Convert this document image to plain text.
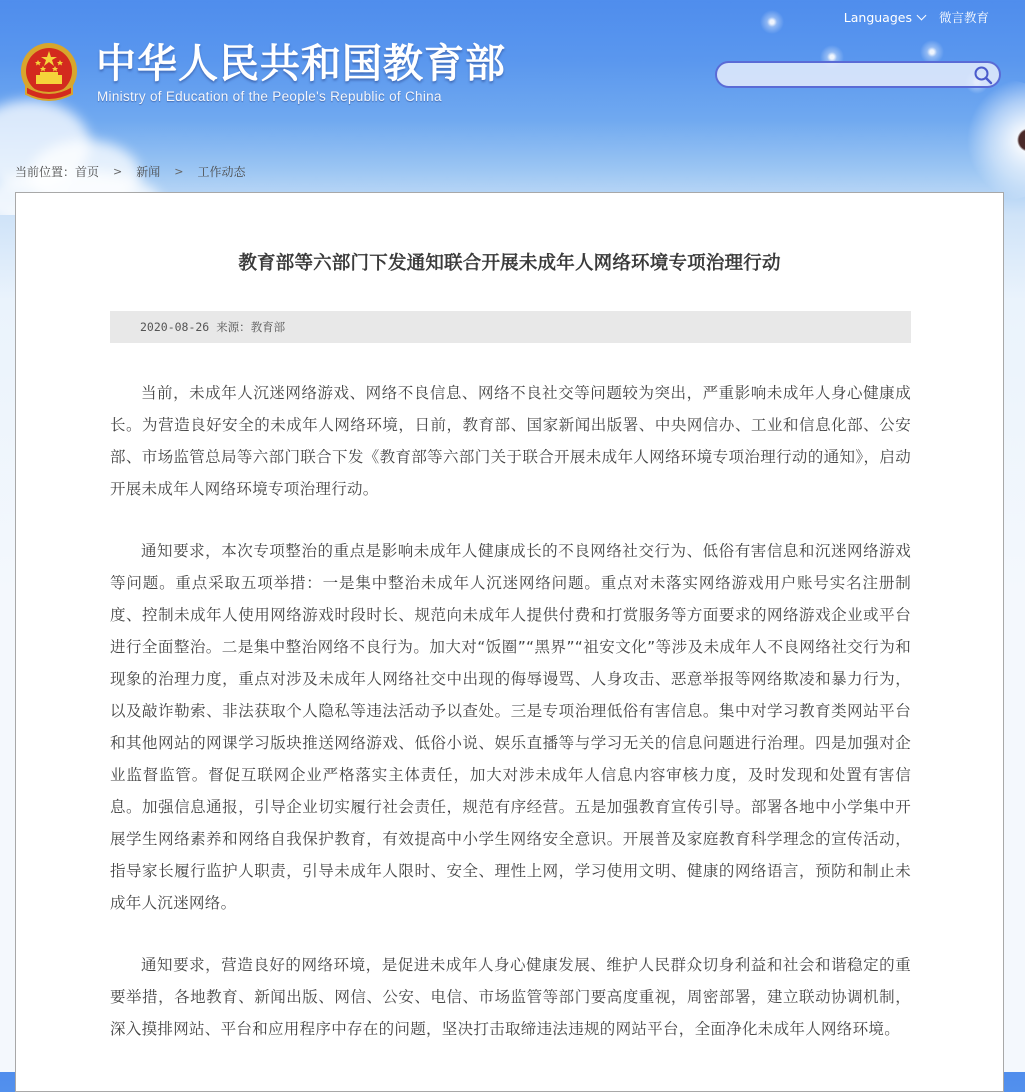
中华人民共和国教育部
Ministry of Education of the People's Republic of China
Languages 微言教育
当前位置： 首页 > 新闻 > 工作动态
教育部等六部门下发通知联合开展未成年人网络环境专项治理行动
2020-08-26 来源：教育部

当前，未成年人沉迷网络游戏、网络不良信息、网络不良社交等问题较为突出，严重影响未成年人身心健康成长。为营造良好安全的未成年人网络环境，日前，教育部、国家新闻出版署、中央网信办、工业和信息化部、公安部、市场监管总局等六部门联合下发《教育部等六部门关于联合开展未成年人网络环境专项治理行动的通知》，启动开展未成年人网络环境专项治理行动。

通知要求，本次专项整治的重点是影响未成年人健康成长的不良网络社交行为、低俗有害信息和沉迷网络游戏等问题。重点采取五项举措：一是集中整治未成年人沉迷网络问题。重点对未落实网络游戏用户账号实名注册制度、控制未成年人使用网络游戏时段时长、规范向未成年人提供付费和打赏服务等方面要求的网络游戏企业或平台进行全面整治。二是集中整治网络不良行为。加大对“饭圈”“黑界”“祖安文化”等涉及未成年人不良网络社交行为和现象的治理力度，重点对涉及未成年人网络社交中出现的侮辱谩骂、人身攻击、恶意举报等网络欺凌和暴力行为，以及敲诈勒索、非法获取个人隐私等违法活动予以查处。三是专项治理低俗有害信息。集中对学习教育类网站平台和其他网站的网课学习版块推送网络游戏、低俗小说、娱乐直播等与学习无关的信息问题进行治理。四是加强对企业监督监管。督促互联网企业严格落实主体责任，加大对涉未成年人信息内容审核力度，及时发现和处置有害信息。加强信息通报，引导企业切实履行社会责任，规范有序经营。五是加强教育宣传引导。部署各地中小学集中开展学生网络素养和网络自我保护教育，有效提高中小学生网络安全意识。开展普及家庭教育科学理念的宣传活动，指导家长履行监护人职责，引导未成年人限时、安全、理性上网，学习使用文明、健康的网络语言，预防和制止未成年人沉迷网络。

通知要求，营造良好的网络环境，是促进未成年人身心健康发展、维护人民群众切身利益和社会和谐稳定的重要举措，各地教育、新闻出版、网信、公安、电信、市场监管等部门要高度重视，周密部署，建立联动协调机制，深入摸排网站、平台和应用程序中存在的问题，坚决打击取缔违法违规的网站平台，全面净化未成年人网络环境。
